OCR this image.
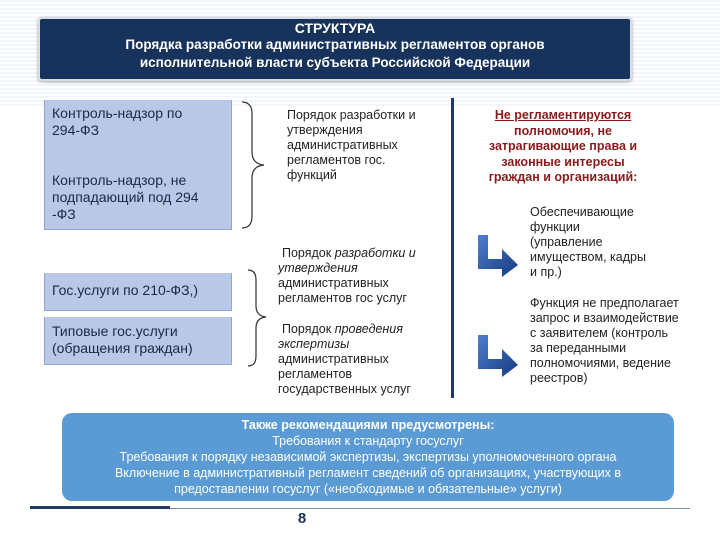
СТРУКТУРА
Порядка разработки административных регламентов органов
исполнительной власти субъекта Российской Федерации
Контроль-надзор по
294-ФЗ
Контроль-надзор, не
подпадающий под 294
-ФЗ
Гос.услуги по 210-ФЗ,)
Типовые гос.услуги
(обращения граждан)
Порядок разработки и
утверждения
административных
регламентов гос.
функций
Порядок разработки и
утверждения
административных
регламентов гос услуг
Порядок проведения
экспертизы
административных
регламентов
государственных услуг
Не регламентируются
полномочия, не
затрагивающие права и
законные интересы
граждан и организаций:
Обеспечивающие
функции
(управление
имуществом, кадры
и пр.)
Функция не предполагает
запрос и взаимодействие
с заявителем (контроль
за переданными
полномочиями, ведение
реестров)
Также рекомендациями предусмотрены:
Требования к стандарту госуслуг
Требования к порядку независимой экспертизы, экспертизы уполномоченного органа
Включение в административный регламент сведений об организациях, участвующих в
предоставлении госуслуг («необходимые и обязательные» услуги)
8
